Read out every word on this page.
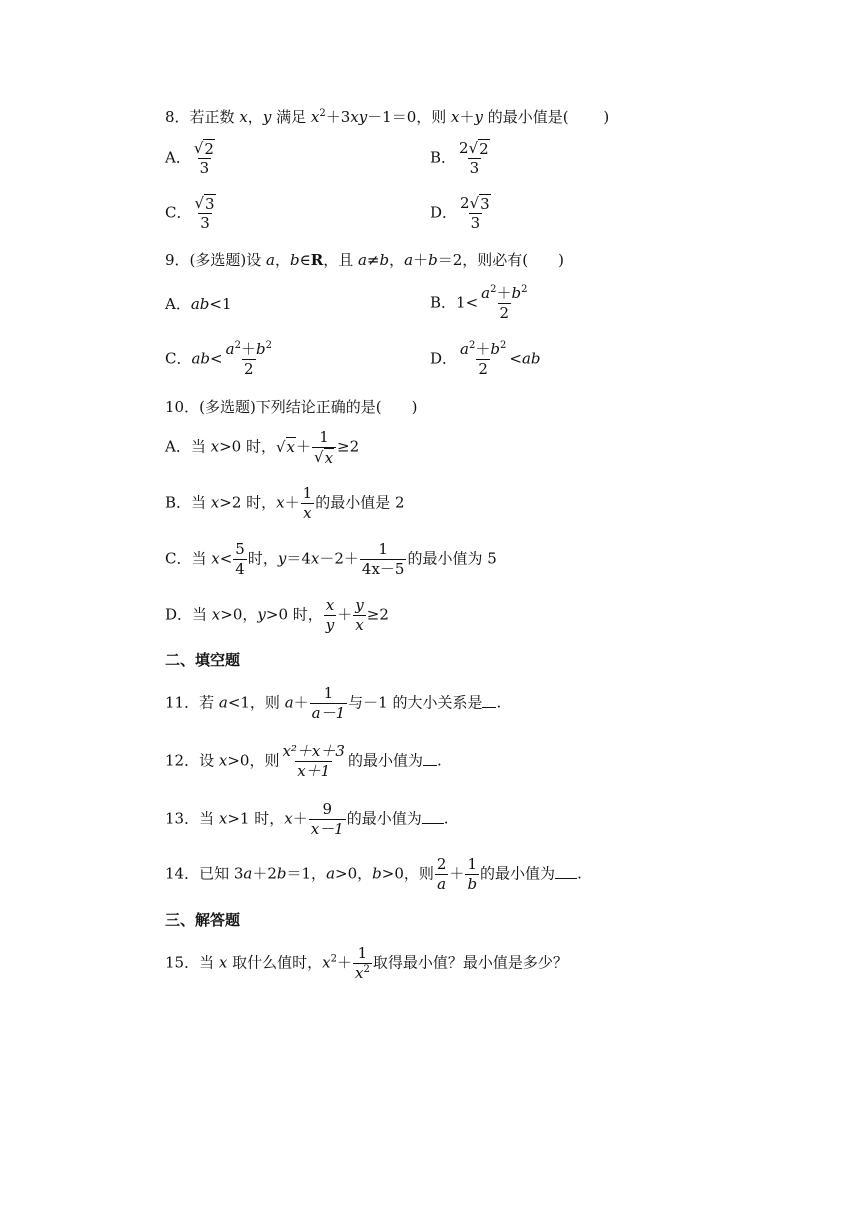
8．若正数 x，y 满足 $x^2+3xy-1=0$，则 x＋y 的最小值是(　　 )
A． $\frac{√ 2}{3}$	B． $\frac{2 √ 2}{3}$
C． $\frac{√ 3}{3}$	D． $\frac{2 √ 3}{3}$
9．(多选题)设 a，b∈R，且 a≠b，a＋b＝2，则必有(　　)
A．ab<1	B．$1< \frac{a^2+b^2}{2}$
C．$ab< \frac{a^2+b^2}{2}$	D． $\frac{a^2+b^2}{2} <ab$
10．(多选题)下列结论正确的是(　　)
A．当 x>0 时， √ $x + \frac{1}{√ x} \ge 2$
B．当 x>2 时，$x+ \frac{1}{x}$ 的最小值是 2
C．当 $x< \frac{5}{4}$ 时，$y=4x-2+ \frac{1}{4x-5}$ 的最小值为 5
D．当 x>0，y>0 时， $\frac{x}{y} + \frac{y}{x} \ge 2$
二、填空题
11．若 a<1，则 $a+ \frac{1}{a-1}$ 与－1 的大小关系是 .
12．设 x>0，则 $\frac{\text{x²＋x＋3}}{x+1}$ 的最小值为 .
13．当 x>1 时，$x+ \frac{9}{x-1}$ 的最小值为 .
14．已知 3a＋2b＝1，a>0，b>0，则 $\frac{2}{a} + \frac{1}{b}$ 的最小值为 .
三、解答题
15．当 x 取什么值时，$x^2+ \frac{1}{x^2}$ 取得最小值？最小值是多少？
